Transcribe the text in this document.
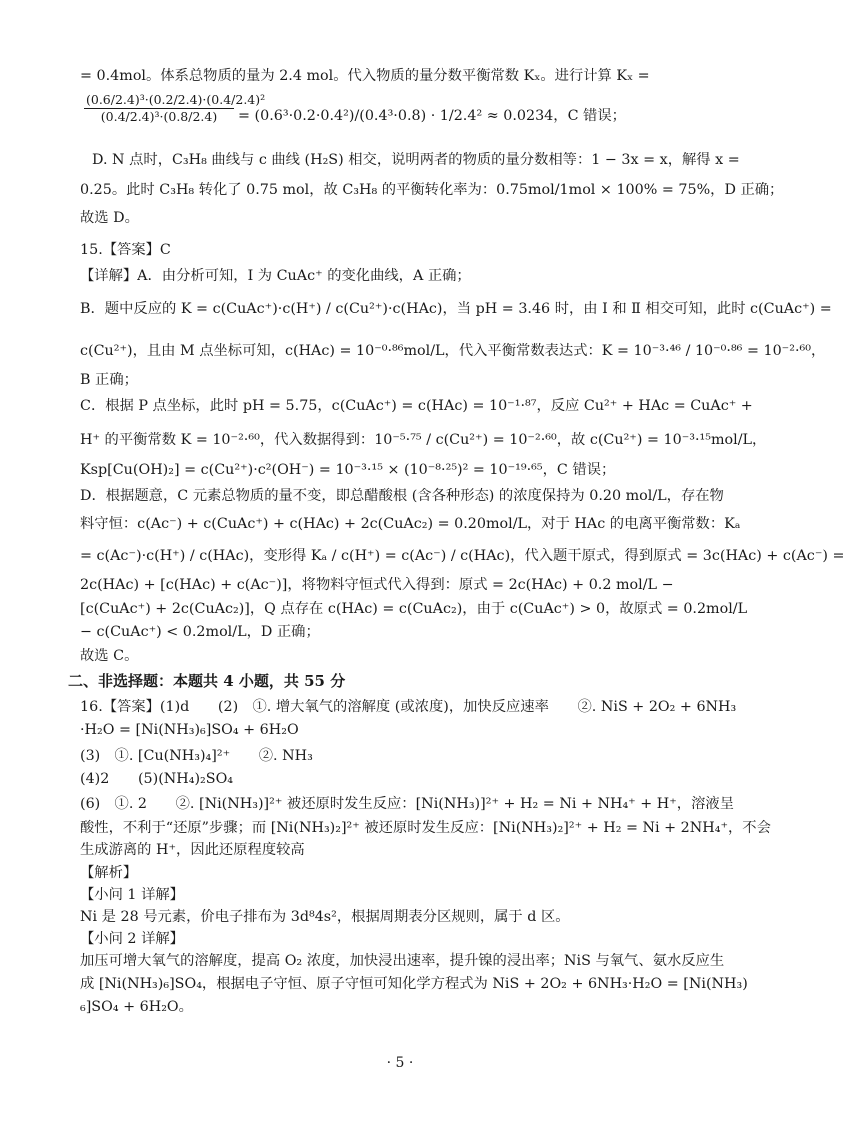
= 0.4mol。体系总物质的量为 2.4 mol。代入物质的量分数平衡常数 Kₓ。进行计算 Kₓ =
$\frac{\text{(0.6/2.4)³·(0.2/2.4)·(0.4/2.4)²}}{\text{(0.4/2.4)³·(0.8/2.4)}} = (0.6^3\cdot 0.2\cdot 0.4^2)/(0.4^3\cdot 0.8) \cdot 1/2.4^2 \approx 0.0234$，C 错误；
D. N 点时，C₃H₈ 曲线与 c 曲线 (H₂S) 相交，说明两者的物质的量分数相等：1 − 3x = x，解得 x =
0.25。此时 C₃H₈ 转化了 0.75 mol，故 C₃H₈ 的平衡转化率为：0.75mol/1mol × 100% = 75%，D 正确；
故选 D。
15.【答案】C
【详解】A．由分析可知，Ⅰ 为 CuAc⁺ 的变化曲线，A 正确；
B．题中反应的 K = c(CuAc⁺)·c(H⁺) / c(Cu²⁺)·c(HAc)，当 pH = 3.46 时，由 Ⅰ 和 Ⅱ 相交可知，此时 c(CuAc⁺) =
c(Cu²⁺)，且由 M 点坐标可知，c(HAc) = 10⁻⁰·⁸⁶mol/L，代入平衡常数表达式：K = 10⁻³·⁴⁶ / 10⁻⁰·⁸⁶ = 10⁻²·⁶⁰，
B 正确；
C．根据 P 点坐标，此时 pH = 5.75，c(CuAc⁺) = c(HAc) = 10⁻¹·⁸⁷，反应 Cu²⁺ + HAc = CuAc⁺ +
H⁺ 的平衡常数 K = 10⁻²·⁶⁰，代入数据得到：10⁻⁵·⁷⁵ / c(Cu²⁺) = 10⁻²·⁶⁰，故 c(Cu²⁺) = 10⁻³·¹⁵mol/L，
Ksp[Cu(OH)₂] = c(Cu²⁺)·c²(OH⁻) = 10⁻³·¹⁵ × (10⁻⁸·²⁵)² = 10⁻¹⁹·⁶⁵，C 错误；
D．根据题意，C 元素总物质的量不变，即总醋酸根 (含各种形态) 的浓度保持为 0.20 mol/L，存在物
料守恒：c(Ac⁻) + c(CuAc⁺) + c(HAc) + 2c(CuAc₂) = 0.20mol/L，对于 HAc 的电离平衡常数：Kₐ
= c(Ac⁻)·c(H⁺) / c(HAc)，变形得 Kₐ / c(H⁺) = c(Ac⁻) / c(HAc)，代入题干原式，得到原式 = 3c(HAc) + c(Ac⁻) =
2c(HAc) + [c(HAc) + c(Ac⁻)]，将物料守恒式代入得到：原式 = 2c(HAc) + 0.2 mol/L −
[c(CuAc⁺) + 2c(CuAc₂)]，Q 点存在 c(HAc) = c(CuAc₂)，由于 c(CuAc⁺) > 0，故原式 = 0.2mol/L
− c(CuAc⁺) < 0.2mol/L，D 正确；
故选 C。
二、非选择题：本题共 4 小题，共 55 分
16.【答案】(1)d　　(2)　①. 增大氧气的溶解度 (或浓度)，加快反应速率　　②. NiS + 2O₂ + 6NH₃
·H₂O = [Ni(NH₃)₆]SO₄ + 6H₂O
(3)　①. [Cu(NH₃)₄]²⁺　　②. NH₃
(4)2　　(5)(NH₄)₂SO₄
(6)　①. 2　　②. [Ni(NH₃)]²⁺ 被还原时发生反应：[Ni(NH₃)]²⁺ + H₂ = Ni + NH₄⁺ + H⁺，溶液呈
酸性，不利于“还原”步骤；而 [Ni(NH₃)₂]²⁺ 被还原时发生反应：[Ni(NH₃)₂]²⁺ + H₂ = Ni + 2NH₄⁺，不会
生成游离的 H⁺，因此还原程度较高
【解析】
【小问 1 详解】
Ni 是 28 号元素，价电子排布为 3d⁸4s²，根据周期表分区规则，属于 d 区。
【小问 2 详解】
加压可增大氧气的溶解度，提高 O₂ 浓度，加快浸出速率，提升镍的浸出率；NiS 与氧气、氨水反应生
成 [Ni(NH₃)₆]SO₄，根据电子守恒、原子守恒可知化学方程式为 NiS + 2O₂ + 6NH₃·H₂O = [Ni(NH₃)
₆]SO₄ + 6H₂O。
· 5 ·
